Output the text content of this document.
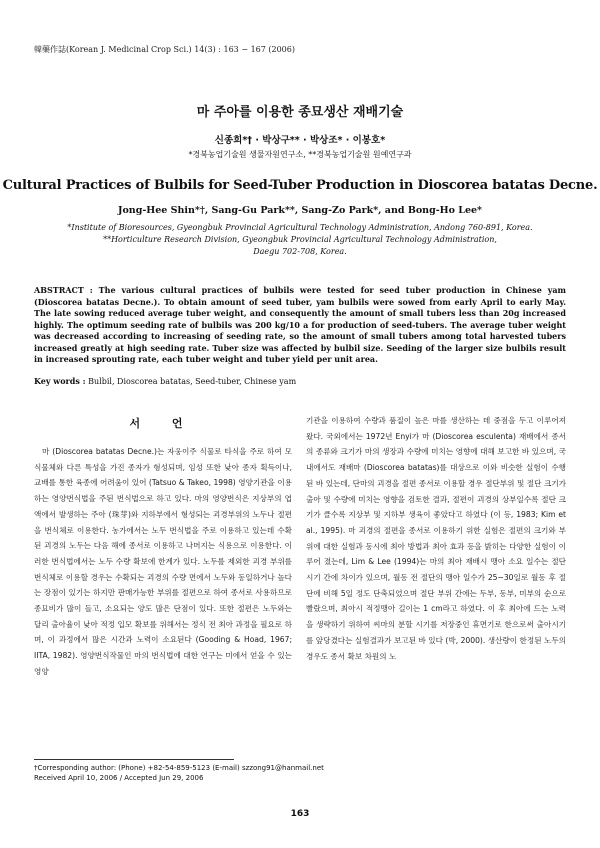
韓藥作誌(Korean J. Medicinal Crop Sci.) 14(3) : 163 − 167 (2006)
마 주아를 이용한 종묘생산 재배기술
신종희*† · 박상구** · 박상조* · 이봉호*
*경북농업기술원 생물자원연구소, **경북농업기술원 원예연구과
Cultural Practices of Bulbils for Seed-Tuber Production in Dioscorea batatas Decne.
Jong-Hee Shin*†, Sang-Gu Park**, Sang-Zo Park*, and Bong-Ho Lee*
*Institute of Bioresources, Gyeongbuk Provincial Agricultural Technology Administration, Andong 760-891, Korea.
**Horticulture Research Division, Gyeongbuk Provincial Agricultural Technology Administration,
Daegu 702-708, Korea.
ABSTRACT : The various cultural practices of bulbils were tested for seed tuber production in Chinese yam (Dioscorea batatas Decne.). To obtain amount of seed tuber, yam bulbils were sowed from early April to early May. The late sowing reduced average tuber weight, and consequently the amount of small tubers less than 20g increased highly. The optimum seeding rate of bulbils was 200 kg/10 a for production of seed-tubers. The average tuber weight was decreased according to increasing of seeding rate, so the amount of small tubers among total harvested tubers increased greatly at high seeding rate. Tuber size was affected by bulbil size. Seeding of the larger size bulbils result in increased sprouting rate, each tuber weight and tuber yield per unit area.
Key words : Bulbil, Dioscorea batatas, Seed-tuber, Chinese yam
서 언
마 (Dioscorea batatas Decne.)는 자웅이주 식물로 타식을 주로 하여 모 식물체와 다른 특성을 가진 종자가 형성되며, 임성 또한 낮아 종자 획득이나, 교배를 통한 육종에 어려움이 있어 (Tatsuo & Takeo, 1998) 영양기관을 이용하는 영양번식법을 주된 번식법으로 하고 있다. 마의 영양번식은 지상부의 엽액에서 발생하는 주아 (珠芽)와 지하부에서 형성되는 괴경부위의 노두나 절편을 번식체로 이용한다. 농가에서는 노두 번식법을 주로 이용하고 있는데 수확된 괴경의 노두는 다음 해에 종서로 이용하고 나머지는 식용으로 이용한다. 이러한 번식법에서는 노두 수량 확보에 한계가 있다. 노두를 제외한 괴경 부위를 번식체로 이용할 경우는 수확되는 괴경의 수량 면에서 노두와 동일하거나 높다는 장점이 있기는 하지만 판매가능한 부위를 절편으로 하여 종서로 사용하므로 종묘비가 많이 들고, 소요되는 양도 많은 단점이 있다. 또한 절편은 노두와는 달리 출아율이 낮아 적정 입모 확보를 위해서는 정식 전 최아 과정을 필요로 하며, 이 과정에서 많은 시간과 노력이 소요된다 (Gooding & Hoad, 1967; IITA, 1982). 영양번식작물인 마의 번식법에 대한 연구는 미에서 얻을 수 있는 영양
기관을 이용하여 수량과 품질이 높은 마를 생산하는 데 중점을 두고 이루어져 왔다. 국외에서는 1972년 Enyi가 마 (Dioscorea esculenta) 재배에서 종서의 종류와 크기가 마의 생장과 수량에 미치는 영향에 대해 보고한 바 있으며, 국내에서도 재배마 (Dioscorea batatas)를 대상으로 이와 비슷한 실험이 수행된 바 있는데, 단마의 괴경을 절편 종서로 이용할 경우 절단부위 및 절단 크기가 출아 및 수량에 미치는 영향을 검토한 결과, 절편이 괴경의 상부일수록 절단 크기가 클수록 지상부 및 지하부 생육이 좋았다고 하였다 (이 등, 1983; Kim et al., 1995). 마 괴경의 절편을 종서로 이용하기 위한 실험은 절편의 크기와 부위에 대한 실험과 동시에 최아 방법과 최아 효과 등을 밝히는 다양한 실험이 이루어 졌는데, Lim & Lee (1994)는 마의 최아 재배시 맹아 소요 일수는 절단 시기 간에 차이가 있으며, 월동 전 절단의 맹아 일수가 25~30일로 월동 후 절단에 비해 5일 정도 단축되었으며 절단 부위 간에는 두부, 동부, 미부의 순으로 빨랐으며, 최아시 적정맹아 길이는 1 cm라고 하였다. 이 후 최아에 드는 노력을 생략하기 위하여 씨마의 분할 시기를 저장중인 휴면기로 한으로써 출아시기를 앞당겼다는 실험결과가 보고된 바 있다 (박, 2000). 생산량이 한정된 노두의 경우도 종서 확보 차원의 노
†Corresponding author: (Phone) +82-54-859-5123 (E-mail) szzong91@hanmail.net
Received April 10, 2006 / Accepted Jun 29, 2006
163
